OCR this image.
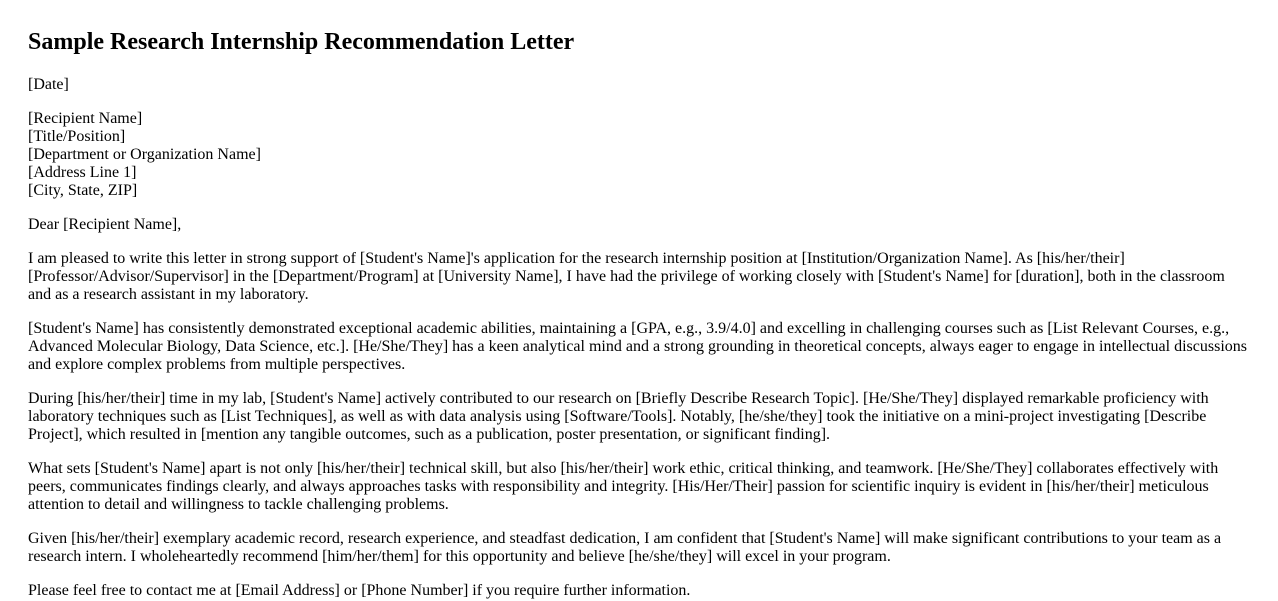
Sample Research Internship Recommendation Letter

[Date]

[Recipient Name]
[Title/Position]
[Department or Organization Name]
[Address Line 1]
[City, State, ZIP]

Dear [Recipient Name],

I am pleased to write this letter in strong support of [Student's Name]'s application for the research internship position at [Institution/Organization Name]. As [his/her/their] [Professor/Advisor/Supervisor] in the [Department/Program] at [University Name], I have had the privilege of working closely with [Student's Name] for [duration], both in the classroom and as a research assistant in my laboratory.

[Student's Name] has consistently demonstrated exceptional academic abilities, maintaining a [GPA, e.g., 3.9/4.0] and excelling in challenging courses such as [List Relevant Courses, e.g., Advanced Molecular Biology, Data Science, etc.]. [He/She/They] has a keen analytical mind and a strong grounding in theoretical concepts, always eager to engage in intellectual discussions and explore complex problems from multiple perspectives.

During [his/her/their] time in my lab, [Student's Name] actively contributed to our research on [Briefly Describe Research Topic]. [He/She/They] displayed remarkable proficiency with laboratory techniques such as [List Techniques], as well as with data analysis using [Software/Tools]. Notably, [he/she/they] took the initiative on a mini-project investigating [Describe Project], which resulted in [mention any tangible outcomes, such as a publication, poster presentation, or significant finding].

What sets [Student's Name] apart is not only [his/her/their] technical skill, but also [his/her/their] work ethic, critical thinking, and teamwork. [He/She/They] collaborates effectively with peers, communicates findings clearly, and always approaches tasks with responsibility and integrity. [His/Her/Their] passion for scientific inquiry is evident in [his/her/their] meticulous attention to detail and willingness to tackle challenging problems.

Given [his/her/their] exemplary academic record, research experience, and steadfast dedication, I am confident that [Student's Name] will make significant contributions to your team as a research intern. I wholeheartedly recommend [him/her/them] for this opportunity and believe [he/she/they] will excel in your program.

Please feel free to contact me at [Email Address] or [Phone Number] if you require further information.
